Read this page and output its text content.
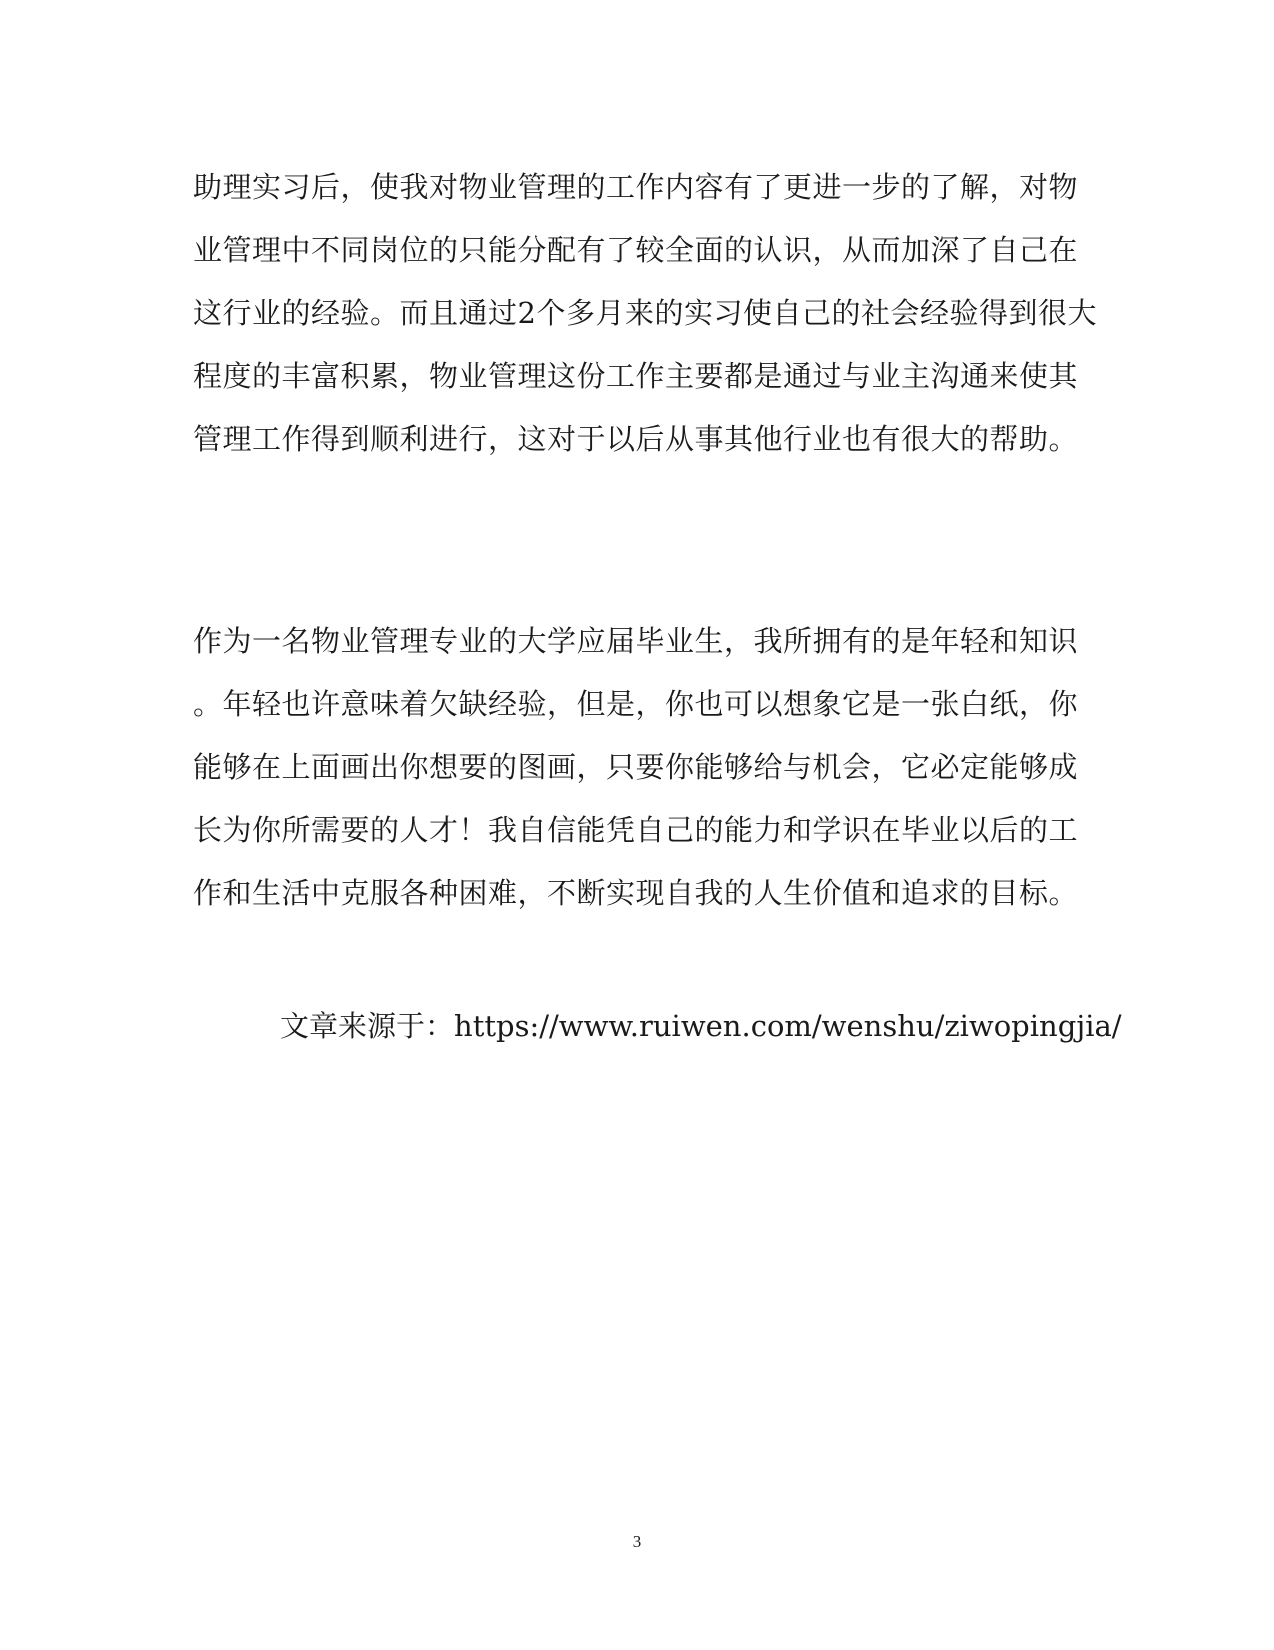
助理实习后，使我对物业管理的工作内容有了更进一步的了解，对物
业管理中不同岗位的只能分配有了较全面的认识，从而加深了自己在
这行业的经验。而且通过2个多月来的实习使自己的社会经验得到很大
程度的丰富积累，物业管理这份工作主要都是通过与业主沟通来使其
管理工作得到顺利进行，这对于以后从事其他行业也有很大的帮助。
作为一名物业管理专业的大学应届毕业生，我所拥有的是年轻和知识
。年轻也许意味着欠缺经验，但是，你也可以想象它是一张白纸，你
能够在上面画出你想要的图画，只要你能够给与机会，它必定能够成
长为你所需要的人才！我自信能凭自己的能力和学识在毕业以后的工
作和生活中克服各种困难，不断实现自我的人生价值和追求的目标。
文章来源于：https://www.ruiwen.com/wenshu/ziwopingjia/
3
